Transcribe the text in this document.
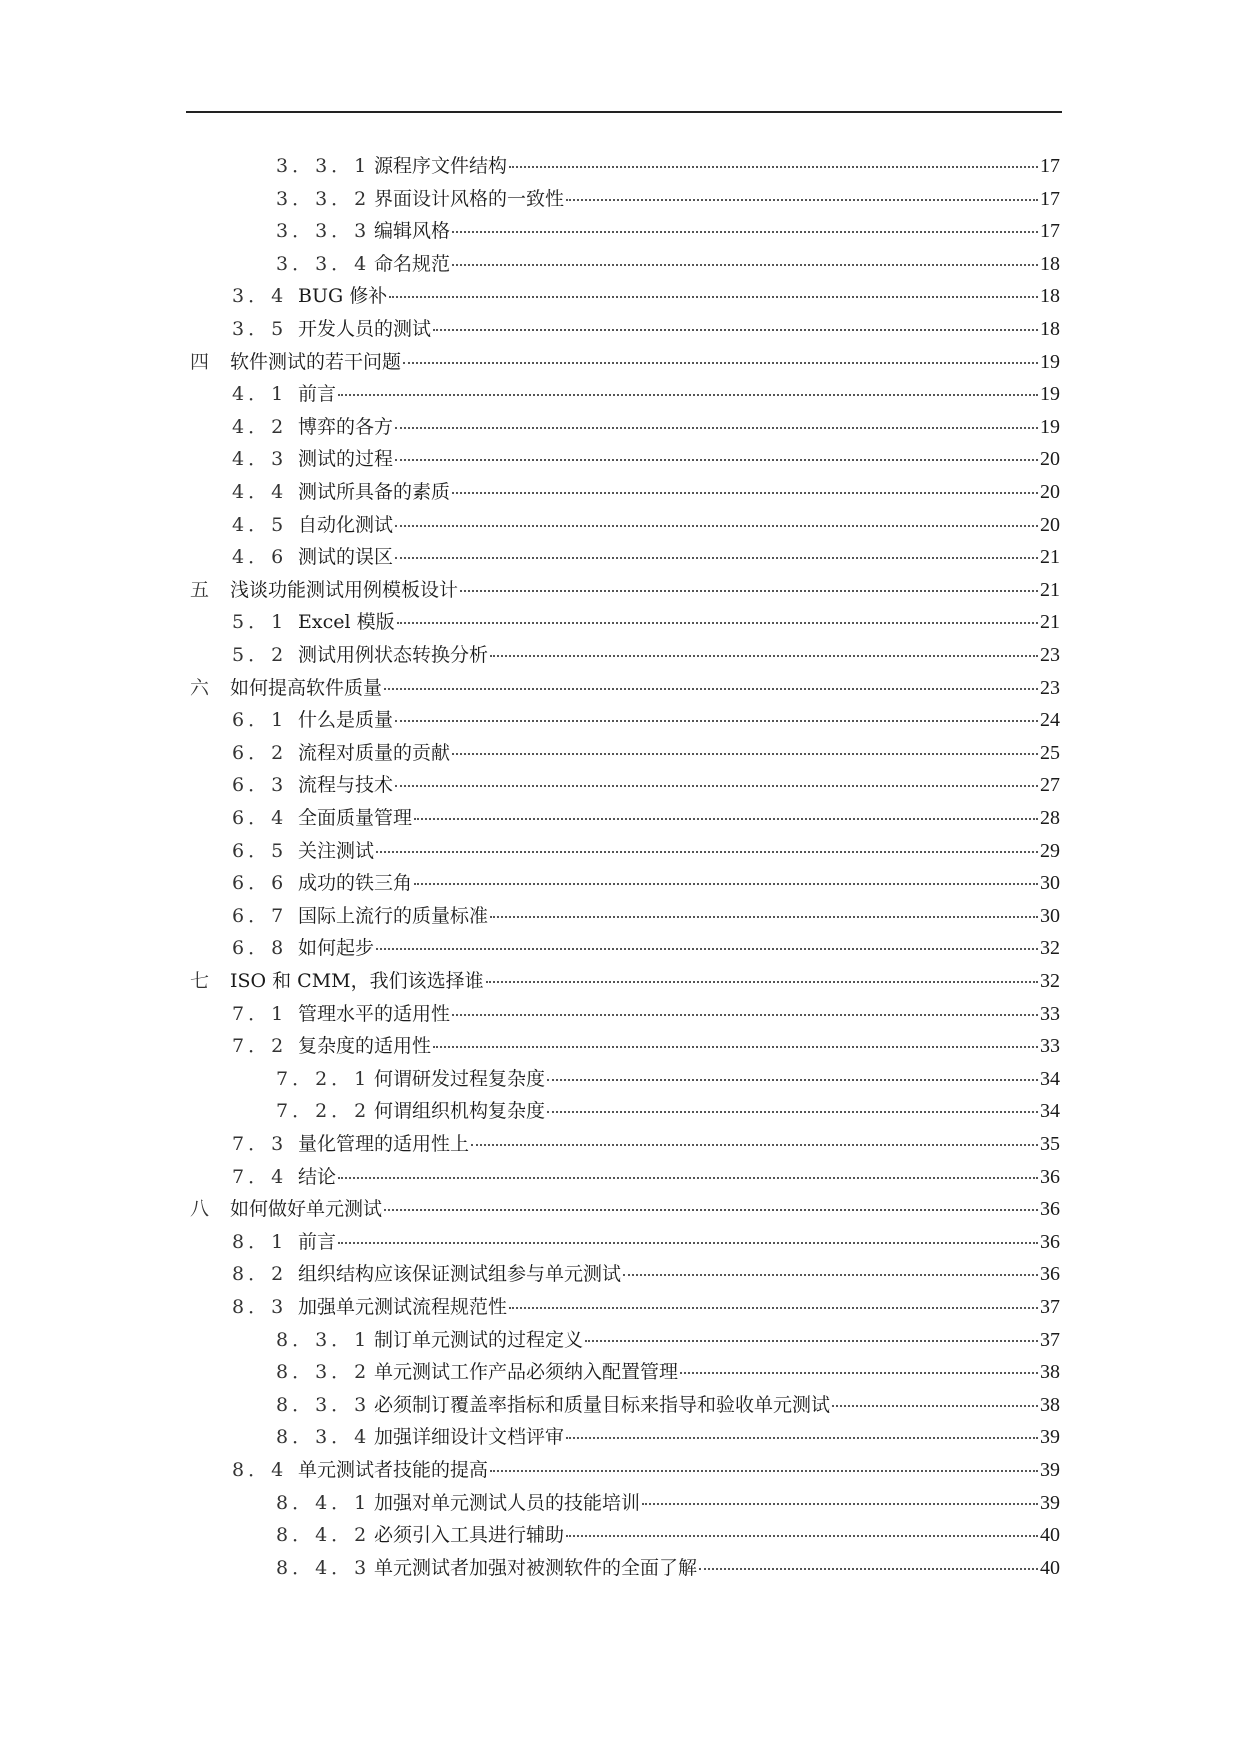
3．3．1 源程序文件结构	17
3．3．2 界面设计风格的一致性	17
3．3．3 编辑风格	17
3．3．4 命名规范	18
3．4 BUG 修补	18
3．5 开发人员的测试	18
四 软件测试的若干问题	19
4．1 前言	19
4．2 博弈的各方	19
4．3 测试的过程	20
4．4 测试所具备的素质	20
4．5 自动化测试	20
4．6 测试的误区	21
五 浅谈功能测试用例模板设计	21
5．1 Excel 模版	21
5．2 测试用例状态转换分析	23
六 如何提高软件质量	23
6．1 什么是质量	24
6．2 流程对质量的贡献	25
6．3 流程与技术	27
6．4 全面质量管理	28
6．5 关注测试	29
6．6 成功的铁三角	30
6．7 国际上流行的质量标准	30
6．8 如何起步	32
七 ISO 和 CMM，我们该选择谁	32
7．1 管理水平的适用性	33
7．2 复杂度的适用性	33
7．2．1 何谓研发过程复杂度	34
7．2．2 何谓组织机构复杂度	34
7．3 量化管理的适用性上	35
7．4 结论	36
八 如何做好单元测试	36
8．1 前言	36
8．2 组织结构应该保证测试组参与单元测试	36
8．3 加强单元测试流程规范性	37
8．3．1 制订单元测试的过程定义	37
8．3．2 单元测试工作产品必须纳入配置管理	38
8．3．3 必须制订覆盖率指标和质量目标来指导和验收单元测试	38
8．3．4 加强详细设计文档评审	39
8．4 单元测试者技能的提高	39
8．4．1 加强对单元测试人员的技能培训	39
8．4．2 必须引入工具进行辅助	40
8．4．3 单元测试者加强对被测软件的全面了解	40
